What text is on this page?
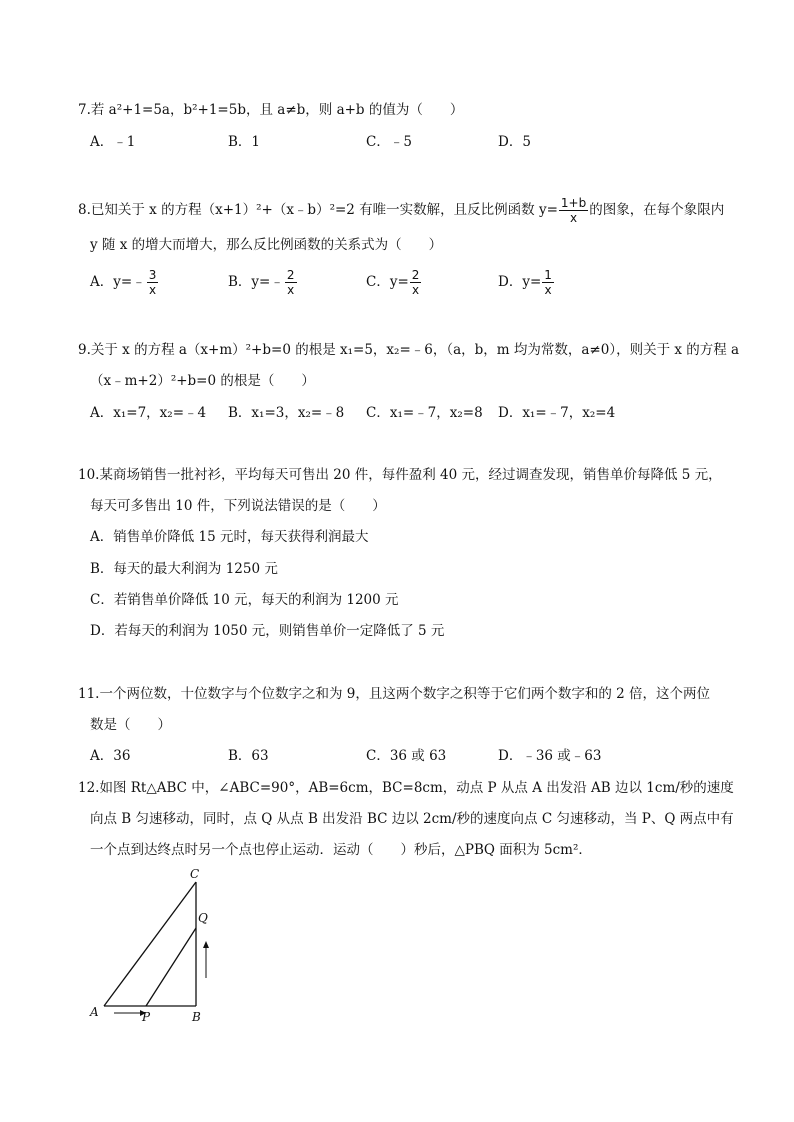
7.若 a²+1=5a，b²+1=5b，且 a≠b，则 a+b 的值为（　　）
A．﹣1	B．1	C．﹣5	D．5
8.已知关于 x 的方程（x+1）²+（x﹣b）²=2 有唯一实数解，且反比例函数 $y= \frac{1+b}{x}$ 的图象，在每个象限内
y 随 x 的增大而增大，那么反比例函数的关系式为（　　）
A．y=﹣ $\frac{3}{x}$	B．y=﹣ $\frac{2}{x}$	C．$y= \frac{2}{x}$	D．$y= \frac{1}{x}$
9.关于 x 的方程 a（x+m）²+b=0 的根是 x₁=5，x₂=﹣6，（a，b，m 均为常数，a≠0），则关于 x 的方程 a
（x﹣m+2）²+b=0 的根是（　　）
A．x₁=7，x₂=﹣4 B．x₁=3，x₂=﹣8 C．x₁=﹣7，x₂=8 D．x₁=﹣7，x₂=4
10.某商场销售一批衬衫，平均每天可售出 20 件，每件盈利 40 元，经过调查发现，销售单价每降低 5 元，
每天可多售出 10 件，下列说法错误的是（　　）
A．销售单价降低 15 元时，每天获得利润最大
B．每天的最大利润为 1250 元
C．若销售单价降低 10 元，每天的利润为 1200 元
D．若每天的利润为 1050 元，则销售单价一定降低了 5 元
11.一个两位数，十位数字与个位数字之和为 9，且这两个数字之积等于它们两个数字和的 2 倍，这个两位
数是（　　）
A．36	B．63	C．36 或 63	D．﹣36 或﹣63
12.如图 Rt△ABC 中，∠ABC=90°，AB=6cm，BC=8cm，动点 P 从点 A 出发沿 AB 边以 1cm/秒的速度
向点 B 匀速移动，同时，点 Q 从点 B 出发沿 BC 边以 2cm/秒的速度向点 C 匀速移动，当 P、Q 两点中有
一个点到达终点时另一个点也停止运动．运动（　　）秒后，△PBQ 面积为 5cm²．
C
Q
A	P	B
